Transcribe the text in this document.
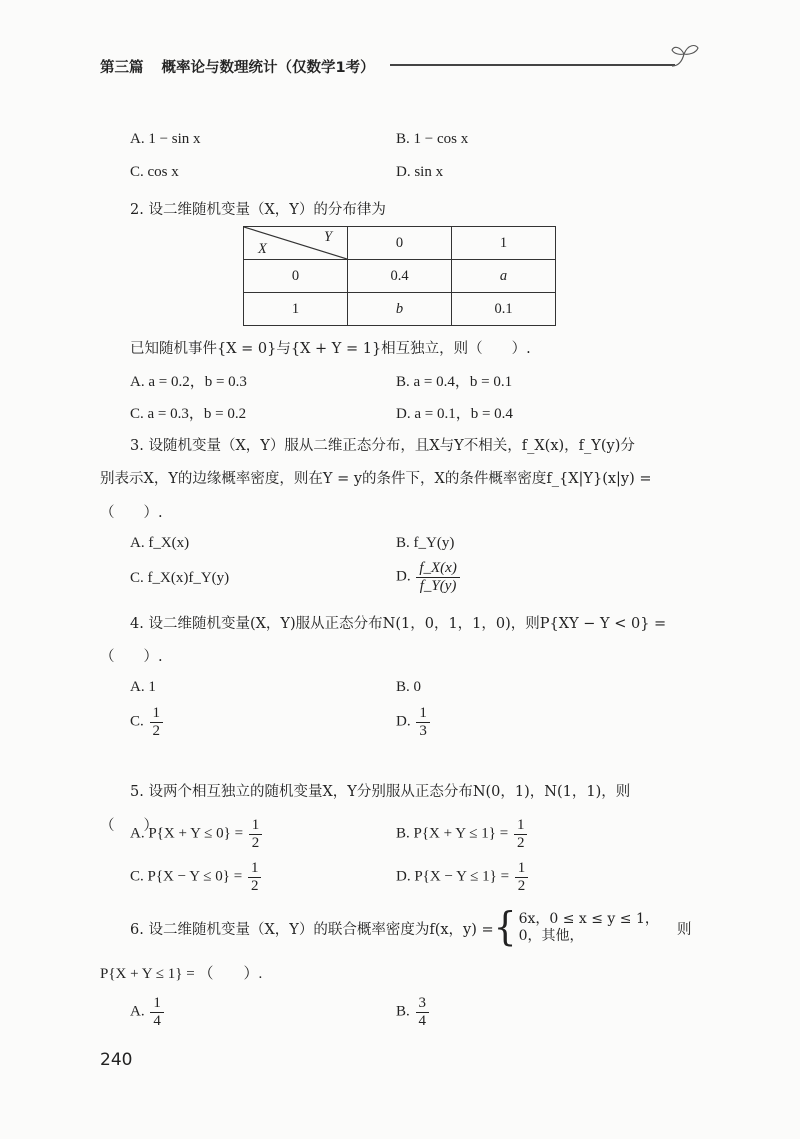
第三篇 概率论与数理统计（仅数学1考）
A. 1 − sin x	B. 1 − cos x
C. cos x	D. sin x
2. 设二维随机变量（X，Y）的分布律为
Y
X	0	1
0	0.4	a
1	b	0.1
已知随机事件{X = 0}与{X + Y = 1}相互独立，则（　　）.
A. a = 0.2，b = 0.3	B. a = 0.4，b = 0.1
C. a = 0.3，b = 0.2	D. a = 0.1，b = 0.4
3. 设随机变量（X，Y）服从二维正态分布，且X与Y不相关，f_X(x)，f_Y(y)分
别表示X，Y的边缘概率密度，则在Y = y的条件下，X的条件概率密度f_{X|Y}(x|y) =
（　　）.
A. f_X(x)	B. f_Y(y)
C. f_X(x)f_Y(y)	D. $\frac{f\_X(x)}{f\_Y(y)}$
4. 设二维随机变量(X，Y)服从正态分布N(1，0，1，1，0)，则P{XY − Y < 0} =
（　　）.
A. 1	B. 0
C. $\frac{1}{2}$	D. $\frac{1}{3}$
5. 设两个相互独立的随机变量X，Y分别服从正态分布N(0，1)，N(1，1)，则
（　　）.
A. $P\{X + Y \le 0\} = \frac{1}{2}$	B. $P\{X + Y \le 1\} = \frac{1}{2}$
C. $P\{X - Y \le 0\} = \frac{1}{2}$	D. $P\{X - Y \le 1\} = \frac{1}{2}$
6. 设二维随机变量（X，Y）的联合概率密度为f(x，y) = { 6x，0 ≤ x ≤ y ≤ 1，
0，其他，	则
P{X + Y ≤ 1} = （　　）.
A. $\frac{1}{4}$	B. $\frac{3}{4}$
240
